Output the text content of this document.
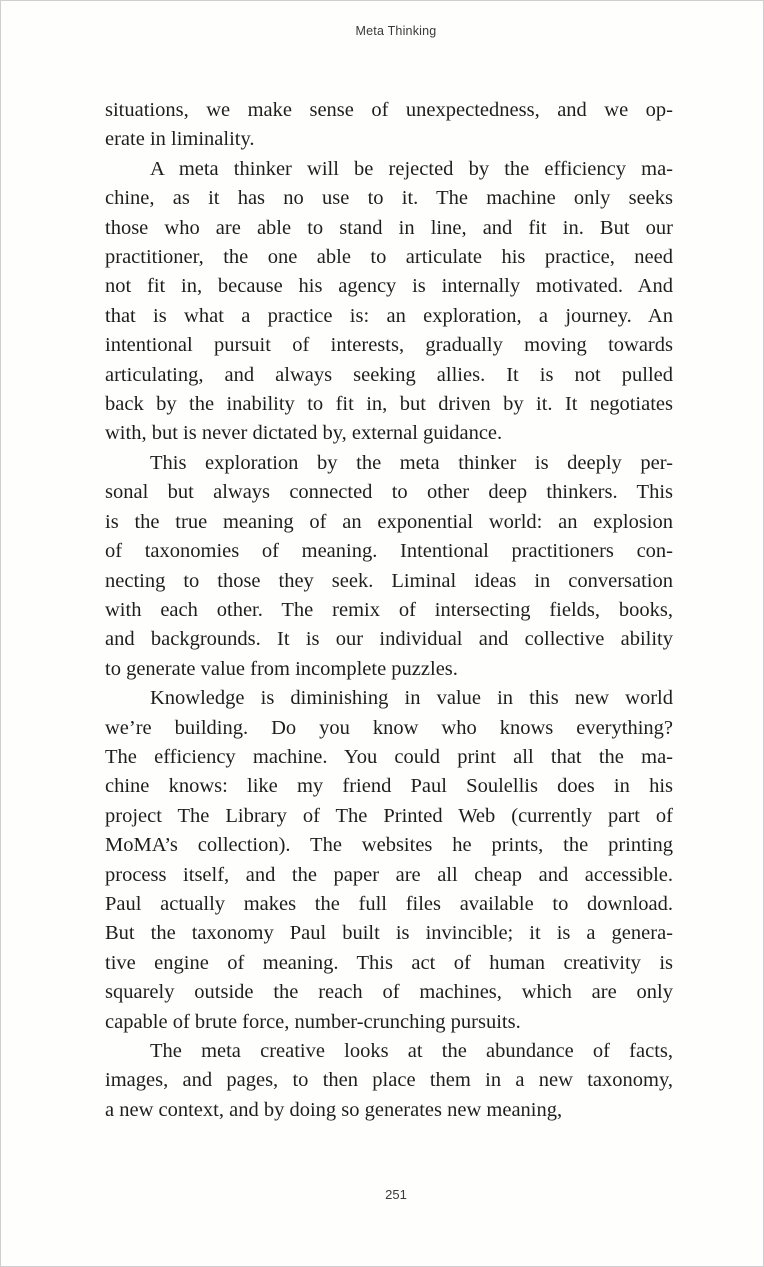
Meta Thinking

situations, we make sense of unexpectedness, and we op-
erate in liminality.

A meta thinker will be rejected by the efficiency ma-
chine, as it has no use to it. The machine only seeks
those who are able to stand in line, and fit in. But our
practitioner, the one able to articulate his practice, need
not fit in, because his agency is internally motivated. And
that is what a practice is: an exploration, a journey. An
intentional pursuit of interests, gradually moving towards
articulating, and always seeking allies. It is not pulled
back by the inability to fit in, but driven by it. It negotiates
with, but is never dictated by, external guidance.

This exploration by the meta thinker is deeply per-
sonal but always connected to other deep thinkers. This
is the true meaning of an exponential world: an explosion
of taxonomies of meaning. Intentional practitioners con-
necting to those they seek. Liminal ideas in conversation
with each other. The remix of intersecting fields, books,
and backgrounds. It is our individual and collective ability
to generate value from incomplete puzzles.

Knowledge is diminishing in value in this new world
we’re building. Do you know who knows everything?
The efficiency machine. You could print all that the ma-
chine knows: like my friend Paul Soulellis does in his
project The Library of The Printed Web (currently part of
MoMA’s collection). The websites he prints, the printing
process itself, and the paper are all cheap and accessible.
Paul actually makes the full files available to download.
But the taxonomy Paul built is invincible; it is a genera-
tive engine of meaning. This act of human creativity is
squarely outside the reach of machines, which are only
capable of brute force, number-crunching pursuits.

The meta creative looks at the abundance of facts,
images, and pages, to then place them in a new taxonomy,
a new context, and by doing so generates new meaning,

251
